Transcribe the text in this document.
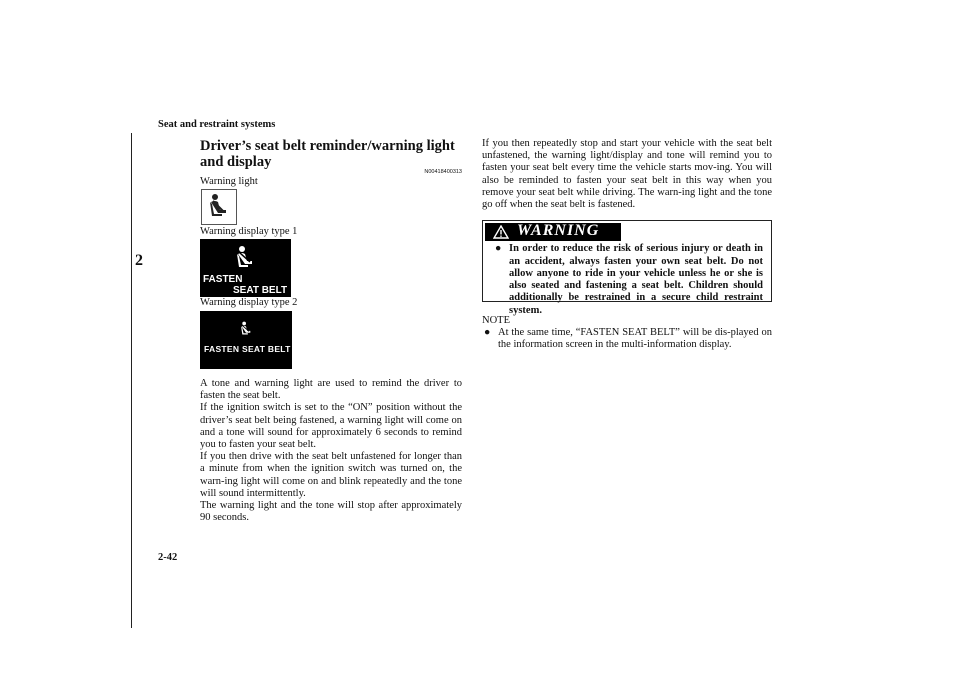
Seat and restraint systems
2
2-42
Driver’s seat belt reminder/warning light and display
N00418400313
Warning light
Warning display type 1
FASTEN
SEAT BELT
Warning display type 2
FASTEN SEAT BELT

A tone and warning light are used to remind the driver to fasten the seat belt.

If the ignition switch is set to the “ON” position without the driver’s seat belt being fastened, a warning light will come on and a tone will sound for approximately 6 seconds to remind you to fasten your seat belt.

If you then drive with the seat belt unfastened for longer than a minute from when the ignition switch was turned on, the warn-ing light will come on and blink repeatedly and the tone will sound intermittently.

The warning light and the tone will stop after approximately 90 seconds.

If you then repeatedly stop and start your vehicle with the seat belt unfastened, the warning light/display and tone will remind you to fasten your seat belt every time the vehicle starts mov-ing. You will also be reminded to fasten your seat belt in this way when you remove your seat belt while driving. The warn-ing light and the tone go off when the seat belt is fastened.

WARNING
● In order to reduce the risk of serious injury or death in an accident, always fasten your own seat belt. Do not allow anyone to ride in your vehicle unless he or she is also seated and fastening a seat belt. Children should additionally be restrained in a secure child restraint system.
NOTE
● At the same time, “FASTEN SEAT BELT” will be dis-played on the information screen in the multi-information display.
